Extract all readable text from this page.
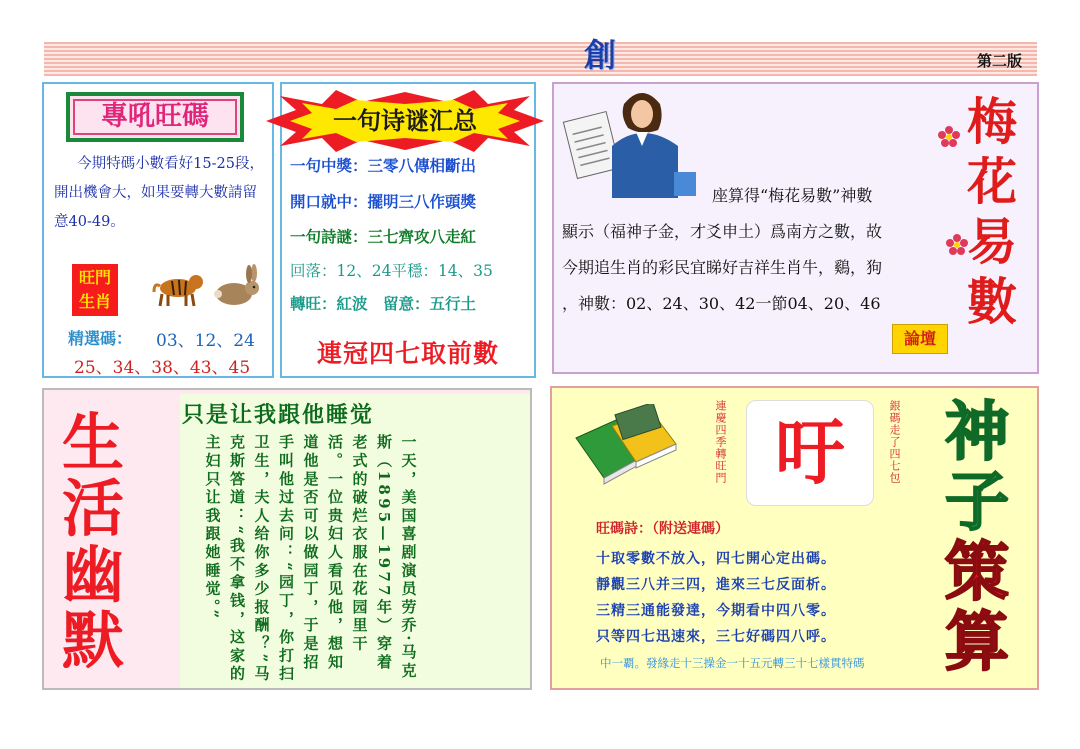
創	第二版
專吼旺碼
今期特碼小數看好15-25段，開出機會大，如果要轉大數請留意40-49。
旺門 生肖
精選碼： 03、12、24
25、34、38、43、45
一句诗谜汇总
一句中獎：三零八傳相斷出
開口就中：擺明三八作頭獎
一句詩謎：三七齊攻八走紅
回落：12、24平穩：14、35
轉旺：紅波　留意：五行土
連冠四七取前數
座算得“梅花易數”神數
顯示（福神子金，才爻申土）爲南方之數，故
今期追生肖的彩民宜睇好吉祥生肖牛，鷄，狗
，神數：02、24、30、42一節04、20、46
論壇
梅花易數
生活幽默
只是让我跟他睡觉
一天，美国喜剧演员劳乔·马克斯（1895—1977年）穿着老式的破烂衣服在花园里干活。一位贵妇人看见他，想知道他是否可以做园丁，于是招手叫他过去问：“园丁，你打扫卫生，夫人给你多少报酬？”马克斯答道：“我不拿钱，这家的主妇只让我跟她睡觉。”	連慶四季轉旺門 吁	銀碼走了四七包 神
子
策
算
旺碼詩：（附送連碼）
十取零數不放入，四七開心定出碼。
靜觀三八并三四，進來三七反面析。
三精三通能發達，今期看中四八零。
只等四七迅速來，三七好碼四八呼。
中一覇。發緣走十三操金一十五元轉三十七樣貫特碼
